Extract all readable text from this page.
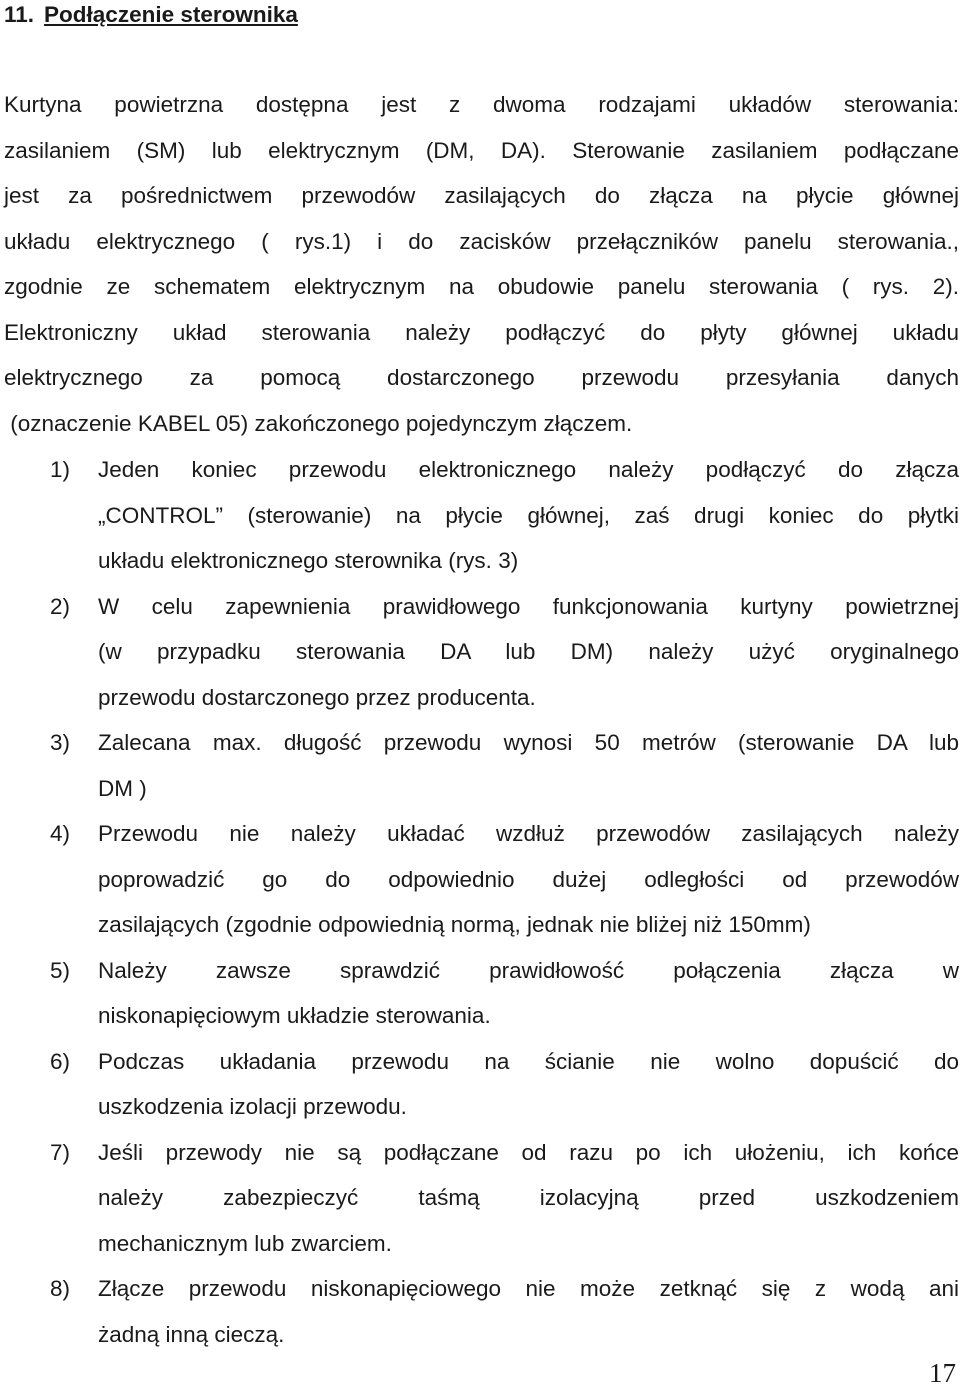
11. Podłączenie sterownika
Kurtyna powietrzna dostępna jest z dwoma rodzajami układów sterowania:
zasilaniem (SM) lub elektrycznym (DM, DA). Sterowanie zasilaniem podłączane
jest za pośrednictwem przewodów zasilających do złącza na płycie głównej
układu elektrycznego ( rys.1) i do zacisków przełączników panelu sterowania.,
zgodnie ze schematem elektrycznym na obudowie panelu sterowania ( rys. 2).
Elektroniczny układ sterowania należy podłączyć do płyty głównej układu
elektrycznego za pomocą dostarczonego przewodu przesyłania danych
(oznaczenie KABEL 05) zakończonego pojedynczym złączem.
1) Jeden koniec przewodu elektronicznego należy podłączyć do złącza
„CONTROL” (sterowanie) na płycie głównej, zaś drugi koniec do płytki
układu elektronicznego sterownika (rys. 3)
2) W celu zapewnienia prawidłowego funkcjonowania kurtyny powietrznej
(w przypadku sterowania DA lub DM) należy użyć oryginalnego
przewodu dostarczonego przez producenta.
3) Zalecana max. długość przewodu wynosi 50 metrów (sterowanie DA lub
DM )
4) Przewodu nie należy układać wzdłuż przewodów zasilających należy
poprowadzić go do odpowiednio dużej odległości od przewodów
zasilających (zgodnie odpowiednią normą, jednak nie bliżej niż 150mm)
5) Należy zawsze sprawdzić prawidłowość połączenia złącza w
niskonapięciowym układzie sterowania.
6) Podczas układania przewodu na ścianie nie wolno dopuścić do
uszkodzenia izolacji przewodu.
7) Jeśli przewody nie są podłączane od razu po ich ułożeniu, ich końce
należy zabezpieczyć taśmą izolacyjną przed uszkodzeniem
mechanicznym lub zwarciem.
8) Złącze przewodu niskonapięciowego nie może zetknąć się z wodą ani
żadną inną cieczą.
17
